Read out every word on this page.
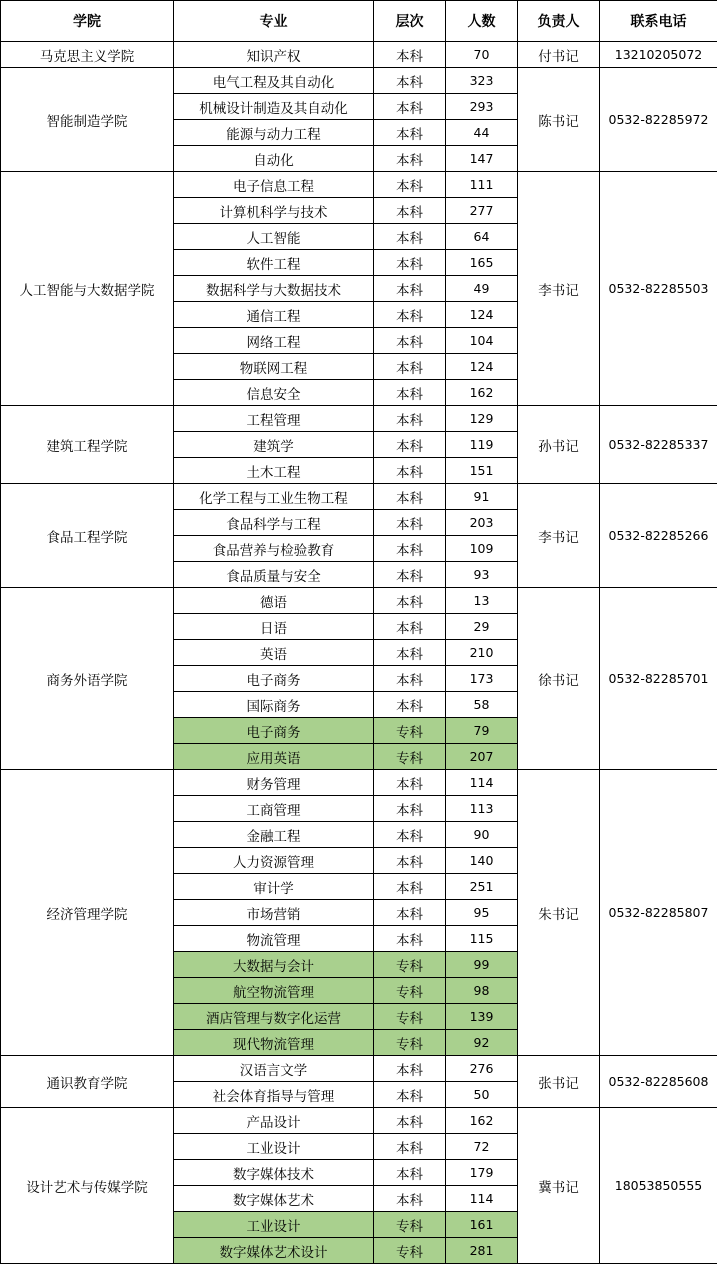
学院	专业	层次	人数	负责人	联系电话
马克思主义学院	知识产权	本科	70	付书记	13210205072
智能制造学院	电气工程及其自动化	本科	323	陈书记	0532-82285972
	机械设计制造及其自动化	本科	293		
	能源与动力工程	本科	44		
	自动化	本科	147		
人工智能与大数据学院	电子信息工程	本科	111	李书记	0532-82285503
	计算机科学与技术	本科	277		
	人工智能	本科	64		
	软件工程	本科	165		
	数据科学与大数据技术	本科	49		
	通信工程	本科	124		
	网络工程	本科	104		
	物联网工程	本科	124		
	信息安全	本科	162		
建筑工程学院	工程管理	本科	129	孙书记	0532-82285337
	建筑学	本科	119		
	土木工程	本科	151		
食品工程学院	化学工程与工业生物工程	本科	91	李书记	0532-82285266
	食品科学与工程	本科	203		
	食品营养与检验教育	本科	109		
	食品质量与安全	本科	93		
商务外语学院	德语	本科	13	徐书记	0532-82285701
	日语	本科	29		
	英语	本科	210		
	电子商务	本科	173		
	国际商务	本科	58		
	电子商务	专科	79		
	应用英语	专科	207		
经济管理学院	财务管理	本科	114	朱书记	0532-82285807
	工商管理	本科	113		
	金融工程	本科	90		
	人力资源管理	本科	140		
	审计学	本科	251		
	市场营销	本科	95		
	物流管理	本科	115		
	大数据与会计	专科	99		
	航空物流管理	专科	98		
	酒店管理与数字化运营	专科	139		
	现代物流管理	专科	92		
通识教育学院	汉语言文学	本科	276	张书记	0532-82285608
	社会体育指导与管理	本科	50		
设计艺术与传媒学院	产品设计	本科	162	冀书记	18053850555
	工业设计	本科	72		
	数字媒体技术	本科	179		
	数字媒体艺术	本科	114		
	工业设计	专科	161		
	数字媒体艺术设计	专科	281		
